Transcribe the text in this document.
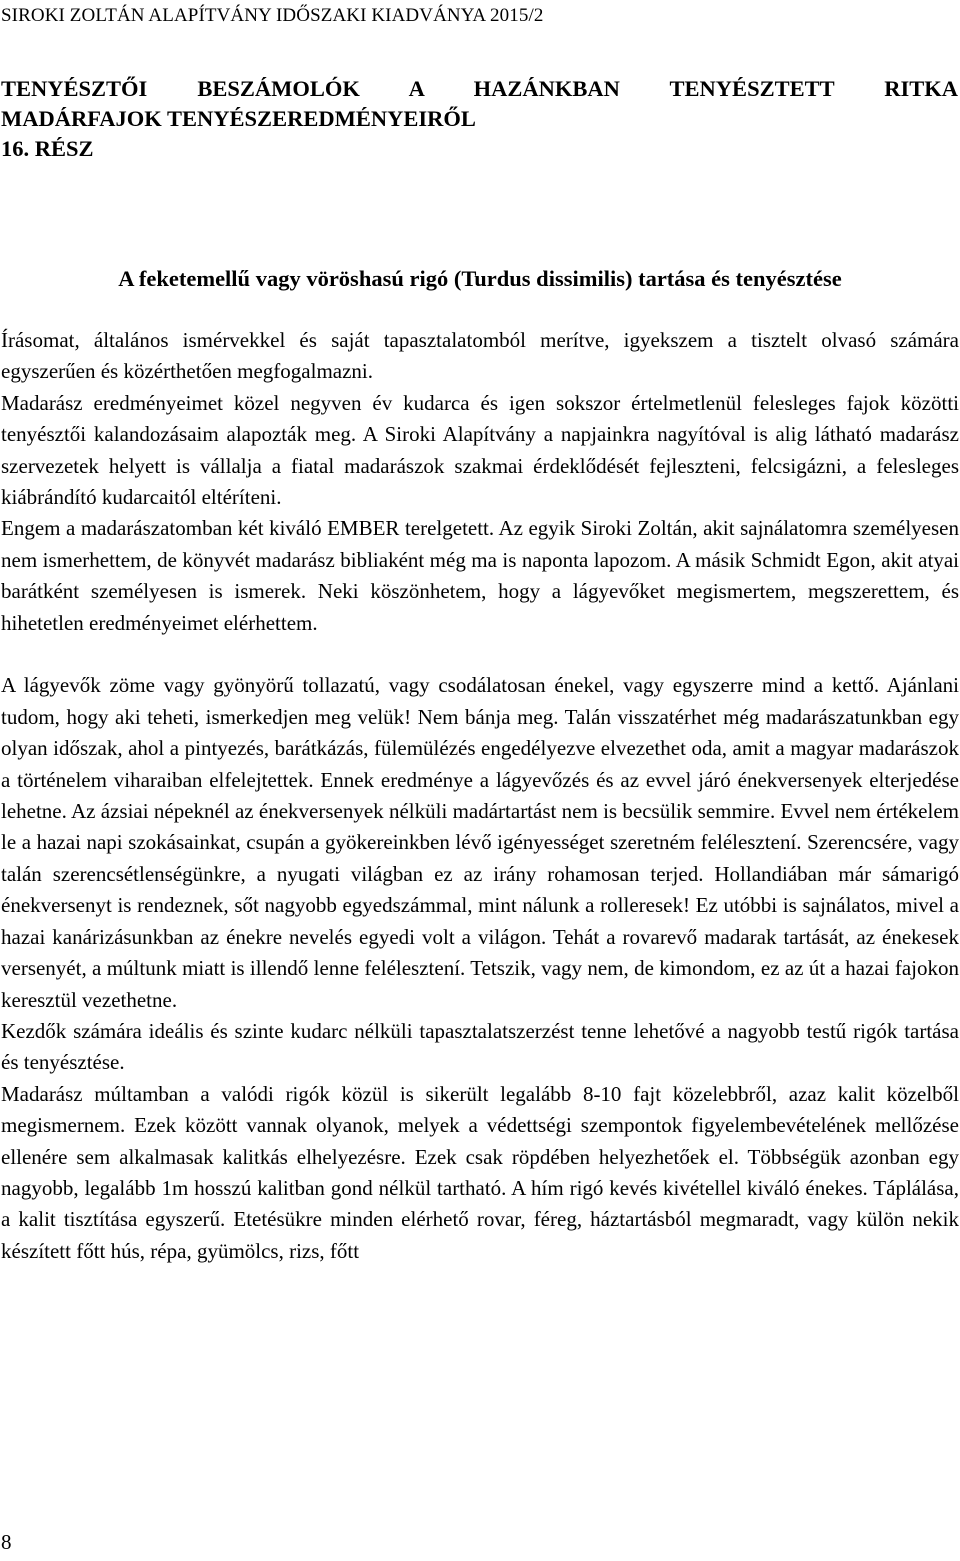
SIROKI ZOLTÁN ALAPÍTVÁNY IDŐSZAKI KIADVÁNYA 2015/2
TENYÉSZTŐI BESZÁMOLÓK A HAZÁNKBAN TENYÉSZTETT RITKA
MADÁRFAJOK TENYÉSZEREDMÉNYEIRŐL
16. RÉSZ
A feketemellű vagy vöröshasú rigó (Turdus dissimilis) tartása és tenyésztése

Írásomat, általános ismérvekkel és saját tapasztalatomból merítve, igyekszem a tisztelt olvasó számára egyszerűen és közérthetően megfogalmazni.

Madarász eredményeimet közel negyven év kudarca és igen sokszor értelmetlenül felesleges fajok közötti tenyésztői kalandozásaim alapozták meg. A Siroki Alapítvány a napjainkra nagyítóval is alig látható madarász szervezetek helyett is vállalja a fiatal madarászok szakmai érdeklődését fejleszteni, felcsigázni, a felesleges kiábrándító kudarcaitól eltéríteni.

Engem a madarászatomban két kiváló EMBER terelgetett. Az egyik Siroki Zoltán, akit sajnálatomra személyesen nem ismerhettem, de könyvét madarász bibliaként még ma is naponta lapozom. A másik Schmidt Egon, akit atyai barátként személyesen is ismerek. Neki köszönhetem, hogy a lágyevőket megismertem, megszerettem, és hihetetlen eredményeimet elérhettem.

A lágyevők zöme vagy gyönyörű tollazatú, vagy csodálatosan énekel, vagy egyszerre mind a kettő. Ajánlani tudom, hogy aki teheti, ismerkedjen meg velük! Nem bánja meg. Talán visszatérhet még madarászatunkban egy olyan időszak, ahol a pintyezés, barátkázás, fülemülézés engedélyezve elvezethet oda, amit a magyar madarászok a történelem viharaiban elfelejtettek. Ennek eredménye a lágyevőzés és az evvel járó énekversenyek elterjedése lehetne. Az ázsiai népeknél az énekversenyek nélküli madártartást nem is becsülik semmire. Evvel nem értékelem le a hazai napi szokásainkat, csupán a gyökereinkben lévő igényességet szeretném felélesztení. Szerencsére, vagy talán szerencsétlenségünkre, a nyugati világban ez az irány rohamosan terjed. Hollandiában már sámarigó énekversenyt is rendeznek, sőt nagyobb egyedszámmal, mint nálunk a rolleresek! Ez utóbbi is sajnálatos, mivel a hazai kanárizásunkban az énekre nevelés egyedi volt a világon. Tehát a rovarevő madarak tartását, az énekesek versenyét, a múltunk miatt is illendő lenne felélesztení. Tetszik, vagy nem, de kimondom, ez az út a hazai fajokon keresztül vezethetne.

Kezdők számára ideális és szinte kudarc nélküli tapasztalatszerzést tenne lehetővé a nagyobb testű rigók tartása és tenyésztése.

Madarász múltamban a valódi rigók közül is sikerült legalább 8-10 fajt közelebbről, azaz kalit közelből megismernem. Ezek között vannak olyanok, melyek a védettségi szempontok figyelembevételének mellőzése ellenére sem alkalmasak kalitkás elhelyezésre. Ezek csak röpdében helyezhetőek el. Többségük azonban egy nagyobb, legalább 1m hosszú kalitban gond nélkül tartható. A hím rigó kevés kivétellel kiváló énekes. Táplálása, a kalit tisztítása egyszerű. Etetésükre minden elérhető rovar, féreg, háztartásból megmaradt, vagy külön nekik készített főtt hús, répa, gyümölcs, rizs, főtt

8
